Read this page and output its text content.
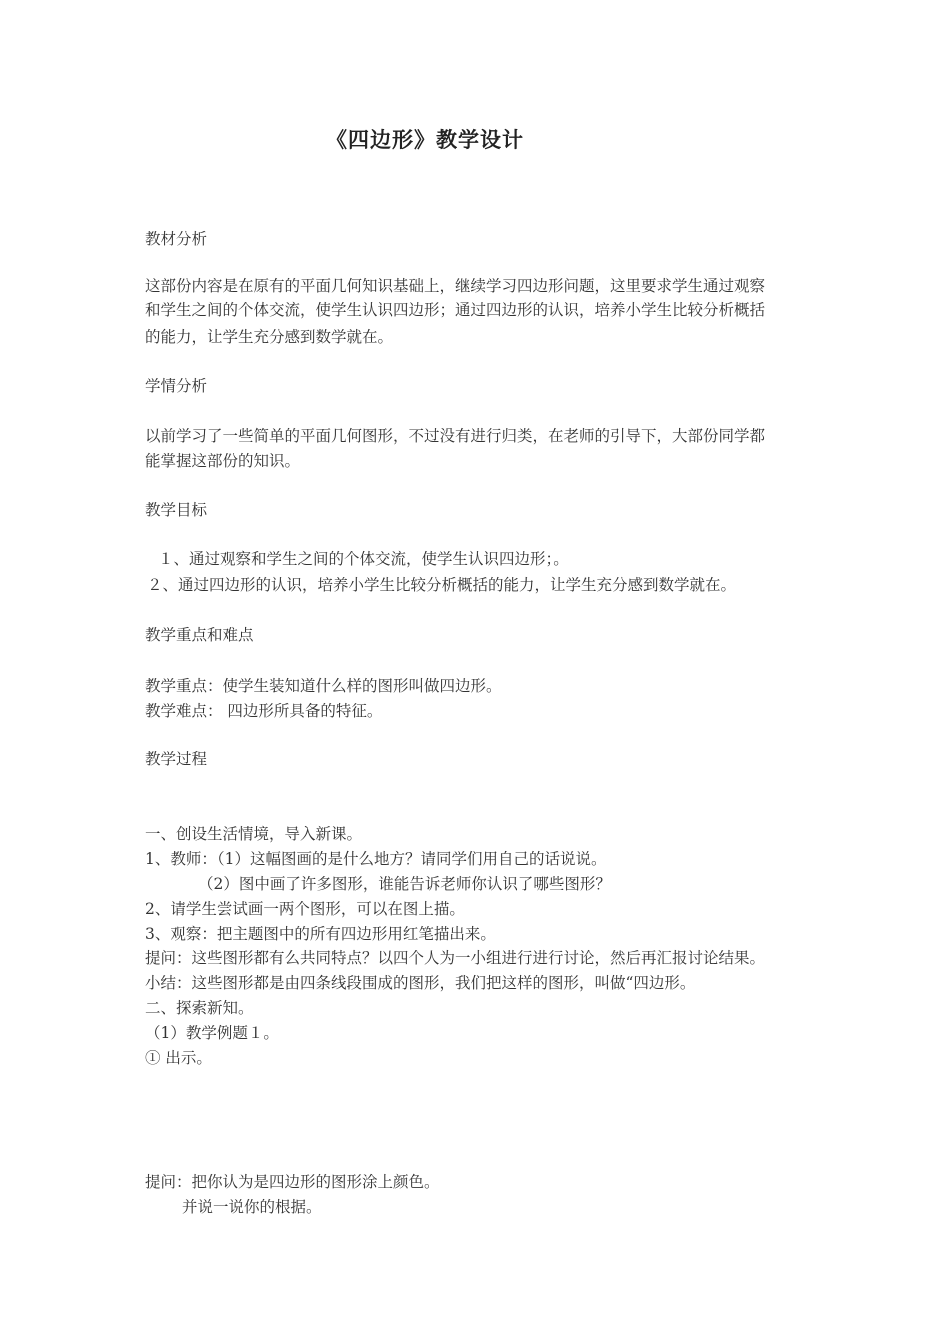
《四边形》教学设计
教材分析
这部份内容是在原有的平面几何知识基础上，继续学习四边形问题，这里要求学生通过观察
和学生之间的个体交流，使学生认识四边形；通过四边形的认识，培养小学生比较分析概括
的能力，让学生充分感到数学就在。
学情分析
以前学习了一些简单的平面几何图形，不过没有进行归类，在老师的引导下，大部份同学都
能掌握这部份的知识。
教学目标
１、通过观察和学生之间的个体交流，使学生认识四边形；。
２、通过四边形的认识，培养小学生比较分析概括的能力，让学生充分感到数学就在。
教学重点和难点
教学重点：使学生装知道什么样的图形叫做四边形。
教学难点： 四边形所具备的特征。
教学过程
一、创设生活情境，导入新课。
1、教师：（1）这幅图画的是什么地方？请同学们用自己的话说说。
（2）图中画了许多图形，谁能告诉老师你认识了哪些图形？
2、请学生尝试画一两个图形，可以在图上描。
3、观察：把主题图中的所有四边形用红笔描出来。
提问：这些图形都有么共同特点？以四个人为一小组进行进行讨论，然后再汇报讨论结果。
小结：这些图形都是由四条线段围成的图形，我们把这样的图形，叫做“四边形。
二、探索新知。
（1）教学例题１。
① 出示。
提问：把你认为是四边形的图形涂上颜色。
并说一说你的根据。
